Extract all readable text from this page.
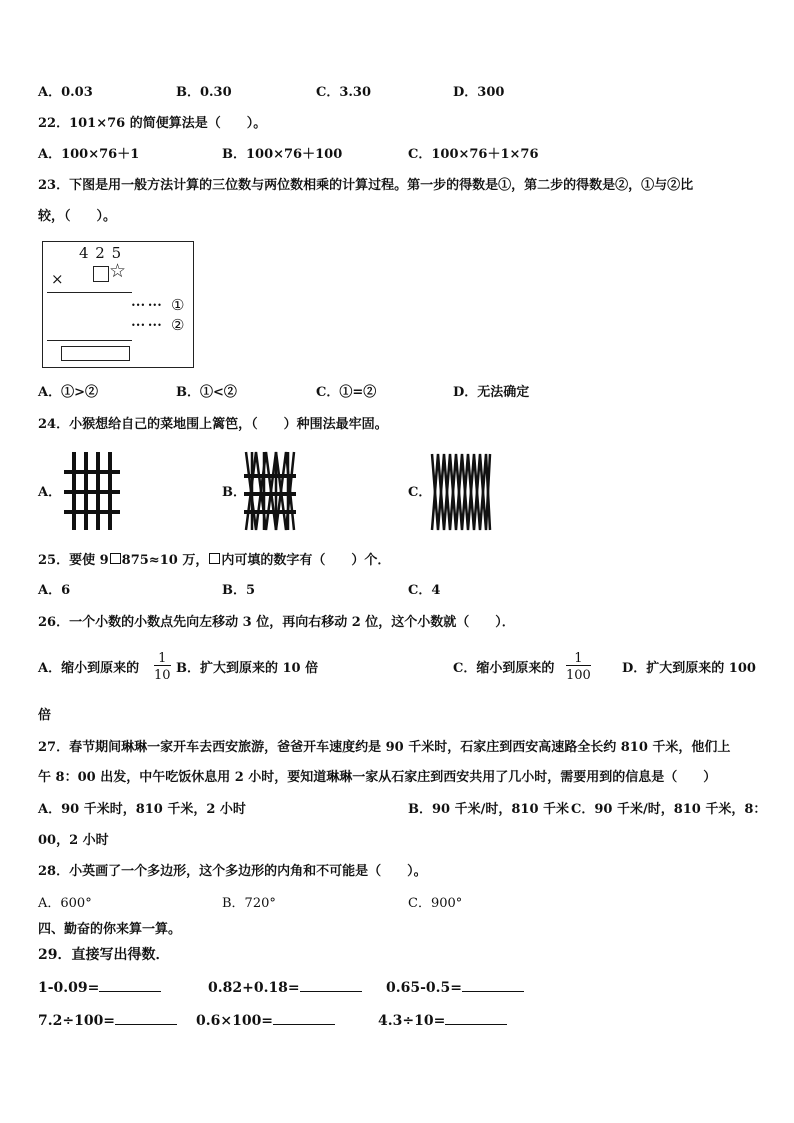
A．0.03	B．0.30	C．3.30	D．300
22．101×76 的简便算法是（　　）。
A．100×76＋1	B．100×76＋100	C．100×76＋1×76
23．下图是用一般方法计算的三位数与两位数相乘的计算过程。第一步的得数是①，第二步的得数是②，①与②比
较，（　　）。
4 2 5
× ☆
••• ••• ①
••• ••• ②
A．①>②	B．①<②	C．①=②	D．无法确定
24．小猴想给自己的菜地围上篱笆，（　　）种围法最牢固。
A．	B．	C．
25．要使 9 875≈10 万， 内可填的数字有（　　）个．
A．6	B．5	C．4
26．一个小数的小数点先向左移动 3 位，再向右移动 2 位，这个小数就（　　）．
A．缩小到原来的 $\frac{1}{10}$ B．扩大到原来的 10 倍	C．缩小到原来的 $\frac{1}{100}$ D．扩大到原来的 100
倍
27．春节期间琳琳一家开车去西安旅游，爸爸开车速度约是 90 千米时，石家庄到西安高速路全长约 810 千米，他们上
午 8：00 出发，中午吃饭休息用 2 小时，要知道琳琳一家从石家庄到西安共用了几小时，需要用到的信息是（　　）
A．90 千米时，810 千米，2 小时	B．90 千米/时，810 千米 C．90 千米/时，810 千米，8：
00，2 小时
28．小英画了一个多边形，这个多边形的内角和不可能是（　　）。
A．600°	B．720°	C．900°
四、勤奋的你来算一算。
29．直接写出得数．
1-0.09=	0.82+0.18=	0.65-0.5=
7.2÷100=	0.6×100=	4.3÷10=
